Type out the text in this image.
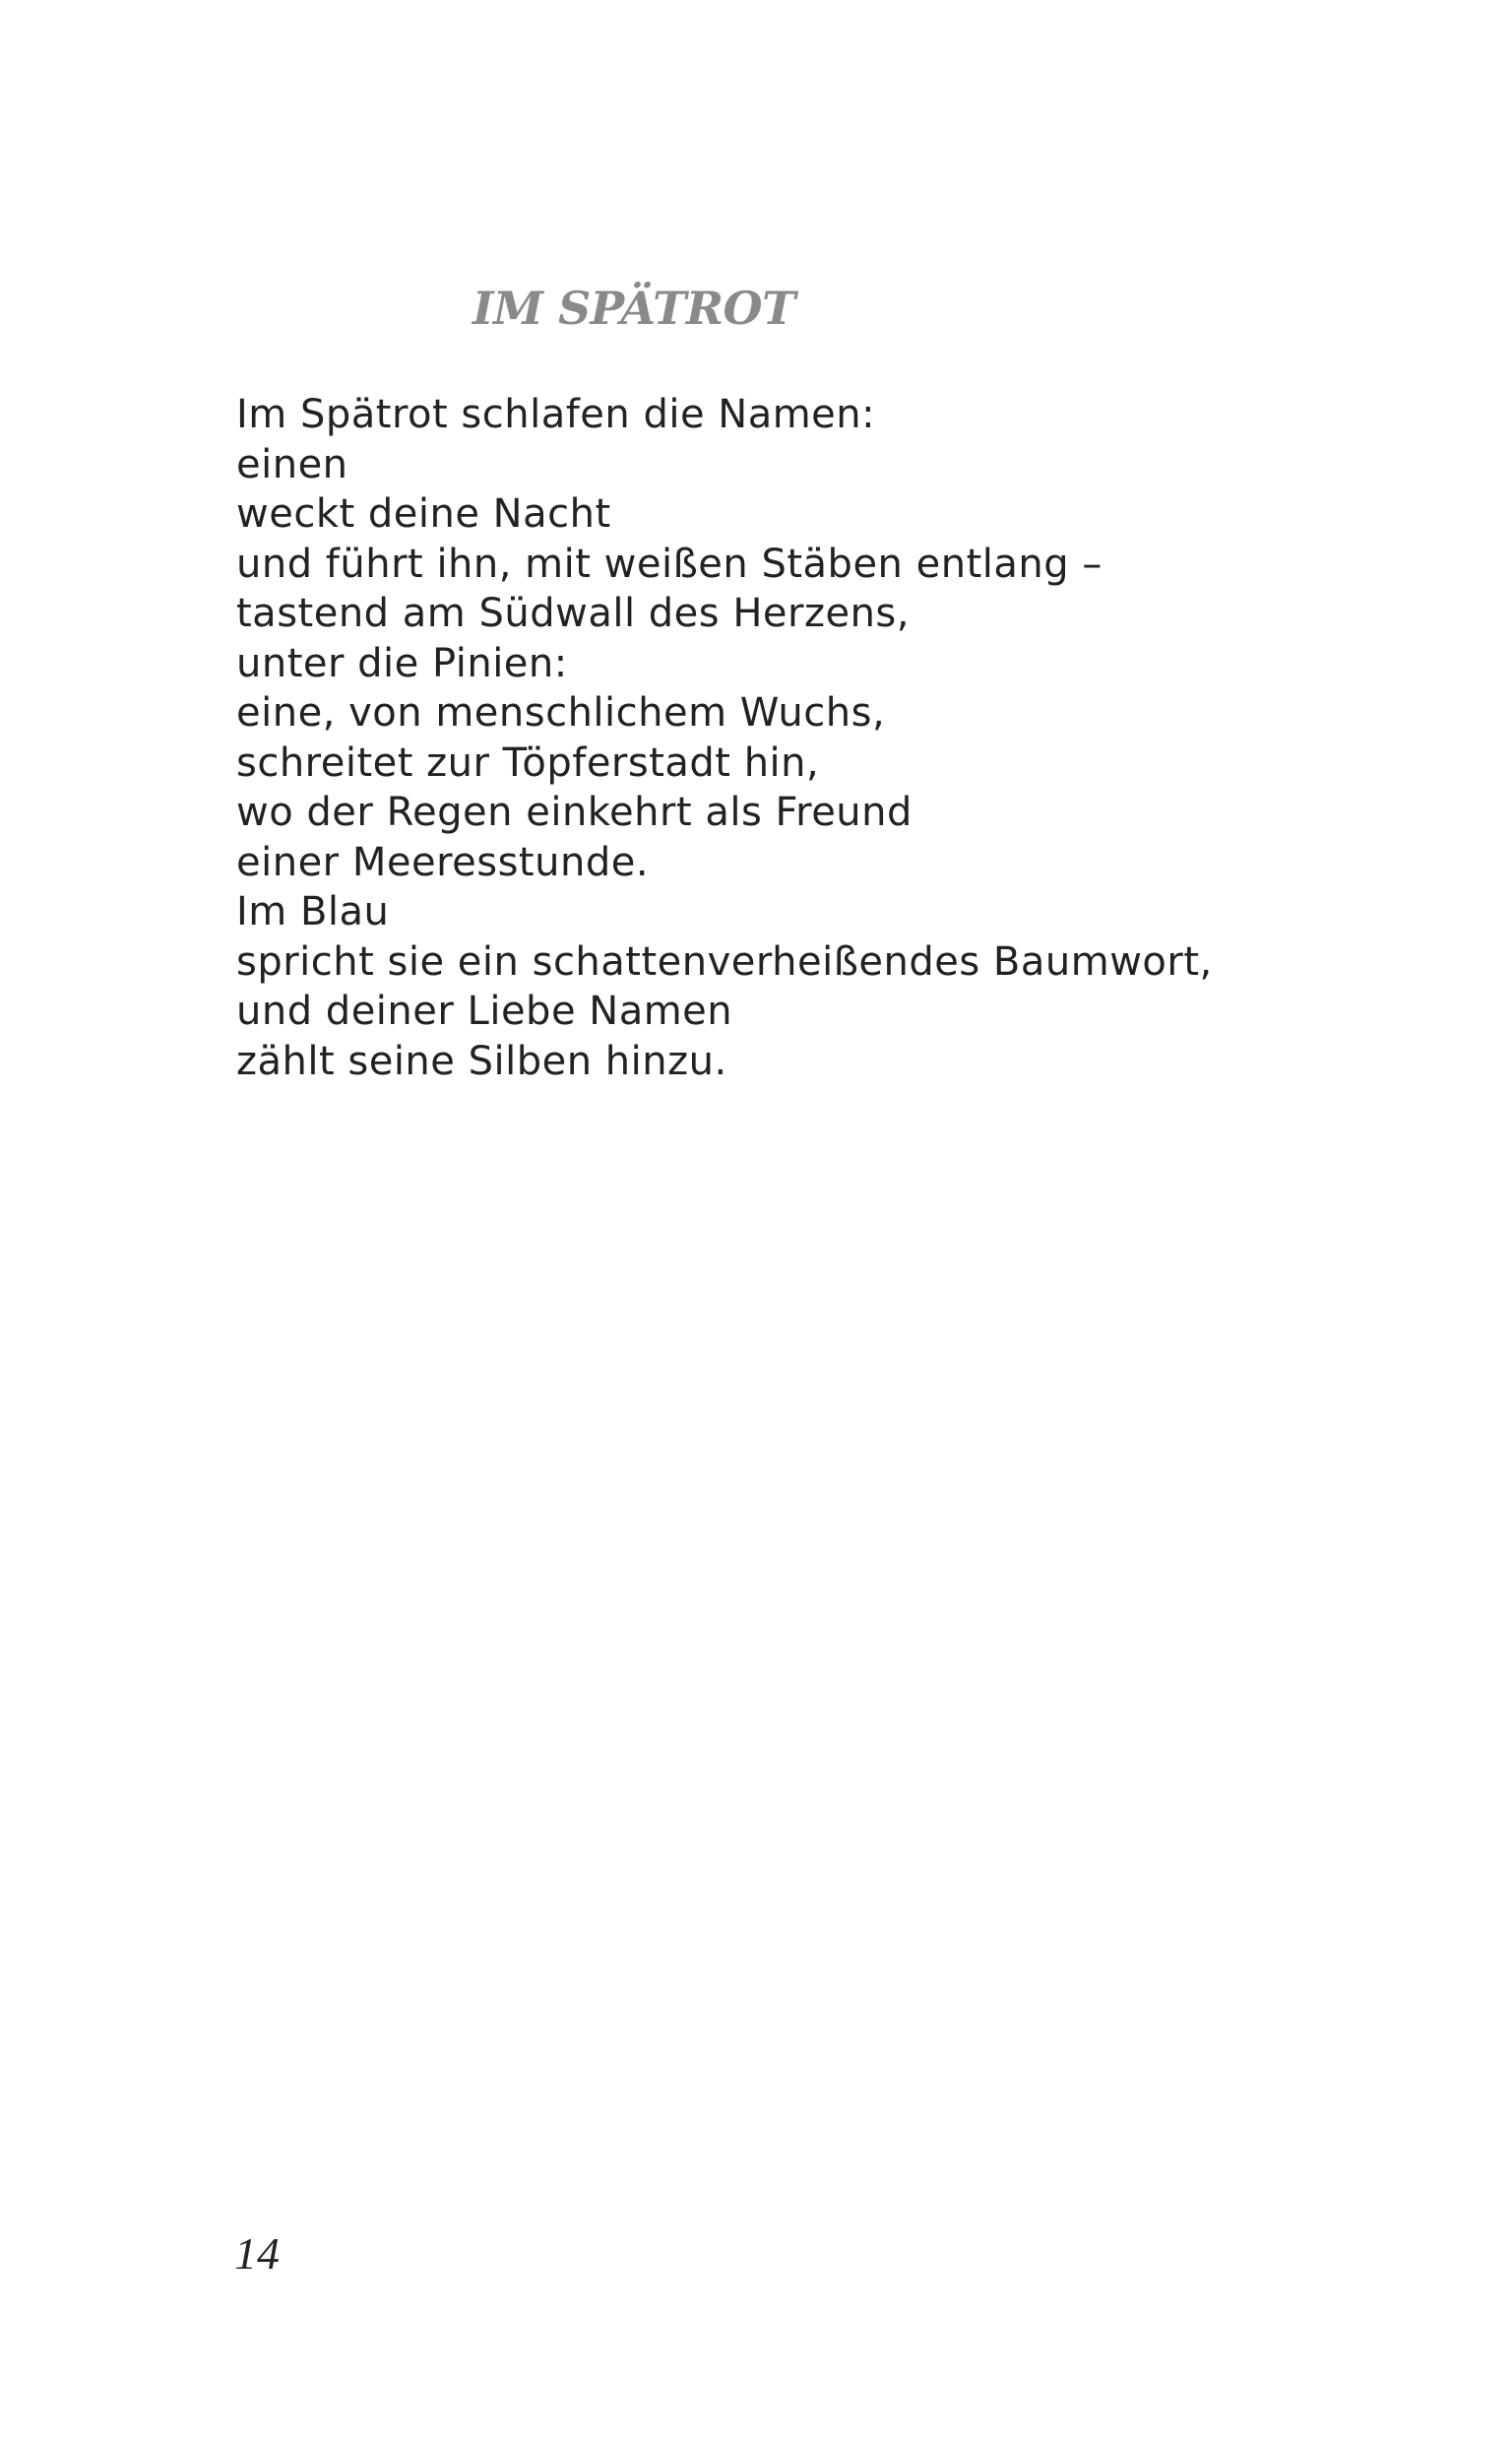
IM SPÄTROT
Im Spätrot schlafen die Namen:
einen
weckt deine Nacht
und führt ihn, mit weißen Stäben entlang –
tastend am Südwall des Herzens,
unter die Pinien:
eine, von menschlichem Wuchs,
schreitet zur Töpferstadt hin,
wo der Regen einkehrt als Freund
einer Meeresstunde.
Im Blau
spricht sie ein schattenverheißendes Baumwort,
und deiner Liebe Namen
zählt seine Silben hinzu.
14
